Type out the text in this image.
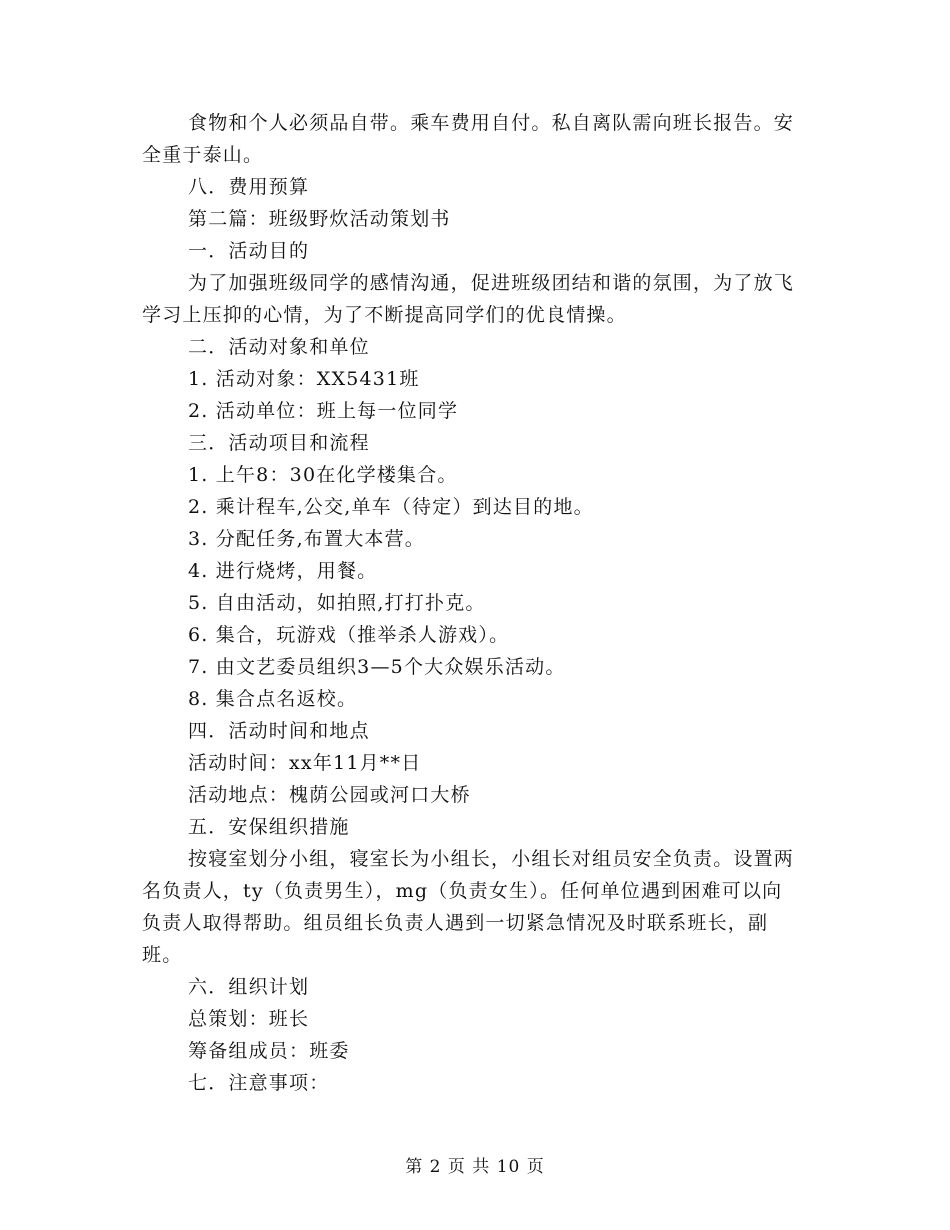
食物和个人必须品自带。乘车费用自付。私自离队需向班长报告。安全重于泰山。

八．费用预算

第二篇：班级野炊活动策划书

一．活动目的

为了加强班级同学的感情沟通，促进班级团结和谐的氛围，为了放飞学习上压抑的心情，为了不断提高同学们的优良情操。

二．活动对象和单位

1. 活动对象：XX5431班

2. 活动单位：班上每一位同学

三．活动项目和流程

1. 上午8：30在化学楼集合。

2. 乘计程车,公交,单车（待定）到达目的地。

3. 分配任务,布置大本营。

4. 进行烧烤，用餐。

5. 自由活动，如拍照,打打扑克。

6. 集合，玩游戏（推举杀人游戏）。

7. 由文艺委员组织3—5个大众娱乐活动。

8. 集合点名返校。

四．活动时间和地点

活动时间：xx年11月**日

活动地点：槐荫公园或河口大桥

五．安保组织措施

按寝室划分小组，寝室长为小组长，小组长对组员安全负责。设置两名负责人，ty（负责男生），mg（负责女生）。任何单位遇到困难可以向负责人取得帮助。组员组长负责人遇到一切紧急情况及时联系班长，副班。

六．组织计划

总策划：班长

筹备组成员：班委

七．注意事项：

第 2 页 共 10 页
